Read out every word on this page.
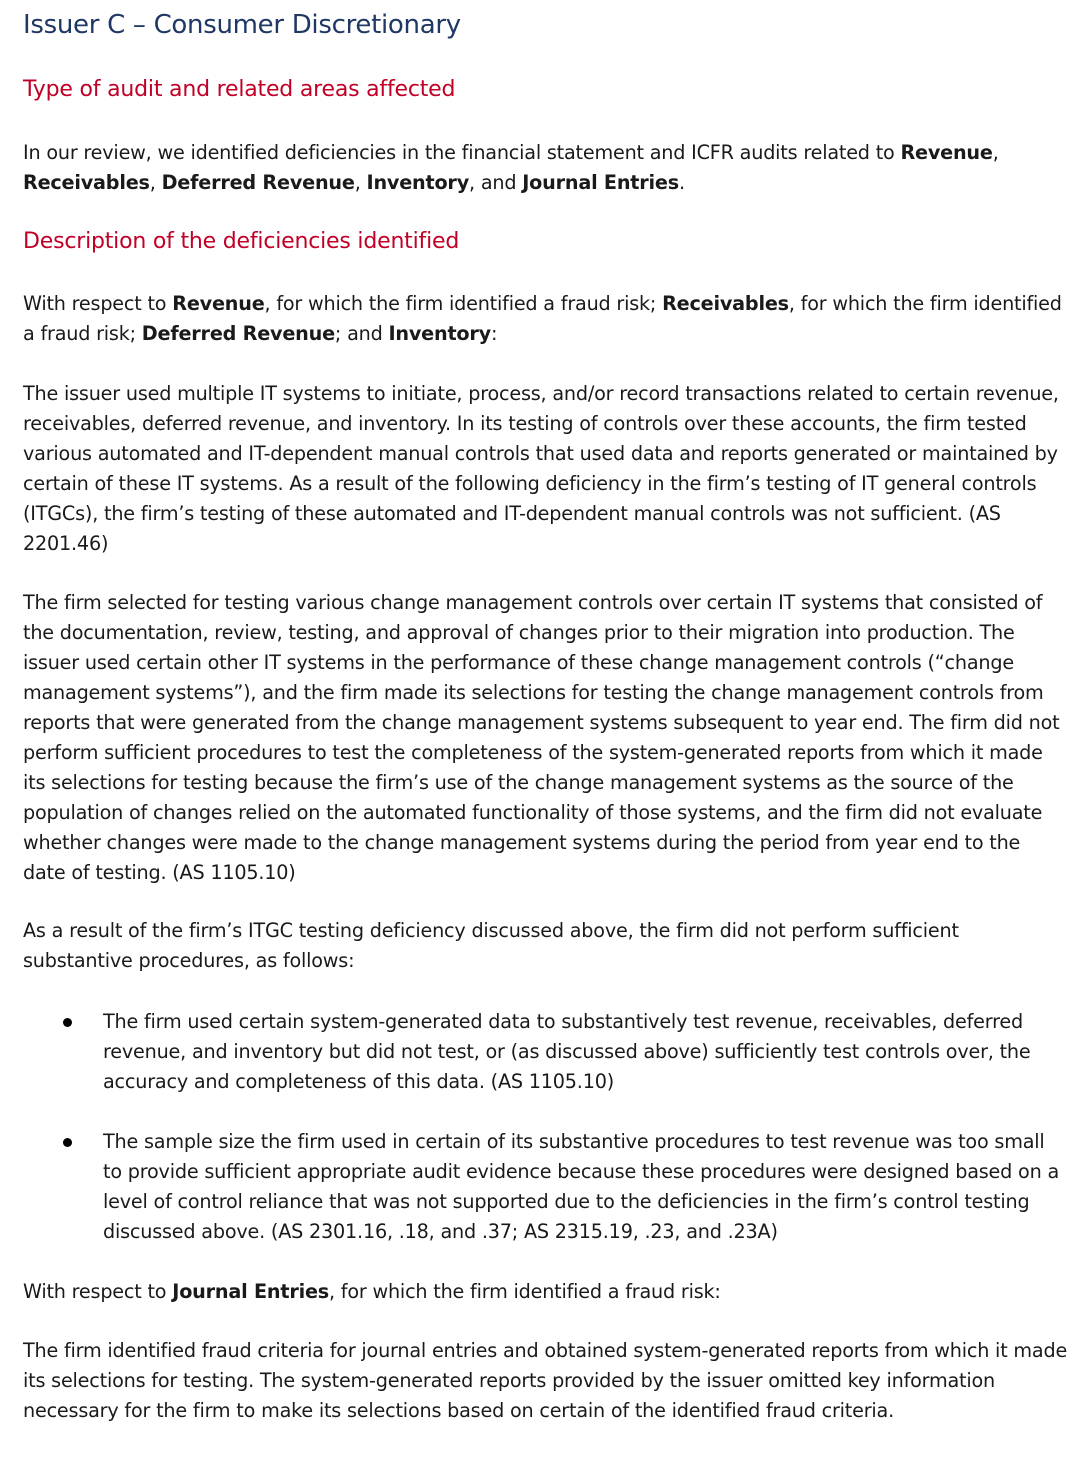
Issuer C – Consumer Discretionary
Type of audit and related areas affected

In our review, we identified deficiencies in the financial statement and ICFR audits related to Revenue, Receivables, Deferred Revenue, Inventory, and Journal Entries.

Description of the deficiencies identified

With respect to Revenue, for which the firm identified a fraud risk; Receivables, for which the firm identified a fraud risk; Deferred Revenue; and Inventory:

The issuer used multiple IT systems to initiate, process, and/or record transactions related to certain revenue, receivables, deferred revenue, and inventory. In its testing of controls over these accounts, the firm tested various automated and IT-dependent manual controls that used data and reports generated or maintained by certain of these IT systems. As a result of the following deficiency in the firm’s testing of IT general controls (ITGCs), the firm’s testing of these automated and IT-dependent manual controls was not sufficient. (AS 2201.46)

The firm selected for testing various change management controls over certain IT systems that consisted of the documentation, review, testing, and approval of changes prior to their migration into production. The issuer used certain other IT systems in the performance of these change management controls (“change management systems”), and the firm made its selections for testing the change management controls from reports that were generated from the change management systems subsequent to year end. The firm did not perform sufficient procedures to test the completeness of the system-generated reports from which it made its selections for testing because the firm’s use of the change management systems as the source of the population of changes relied on the automated functionality of those systems, and the firm did not evaluate whether changes were made to the change management systems during the period from year end to the date of testing. (AS 1105.10)

As a result of the firm’s ITGC testing deficiency discussed above, the firm did not perform sufficient substantive procedures, as follows:

The firm used certain system-generated data to substantively test revenue, receivables, deferred revenue, and inventory but did not test, or (as discussed above) sufficiently test controls over, the accuracy and completeness of this data. (AS 1105.10)

The sample size the firm used in certain of its substantive procedures to test revenue was too small to provide sufficient appropriate audit evidence because these procedures were designed based on a level of control reliance that was not supported due to the deficiencies in the firm’s control testing discussed above. (AS 2301.16, .18, and .37; AS 2315.19, .23, and .23A)

With respect to Journal Entries, for which the firm identified a fraud risk:

The firm identified fraud criteria for journal entries and obtained system-generated reports from which it made its selections for testing. The system-generated reports provided by the issuer omitted key information necessary for the firm to make its selections based on certain of the identified fraud criteria.
